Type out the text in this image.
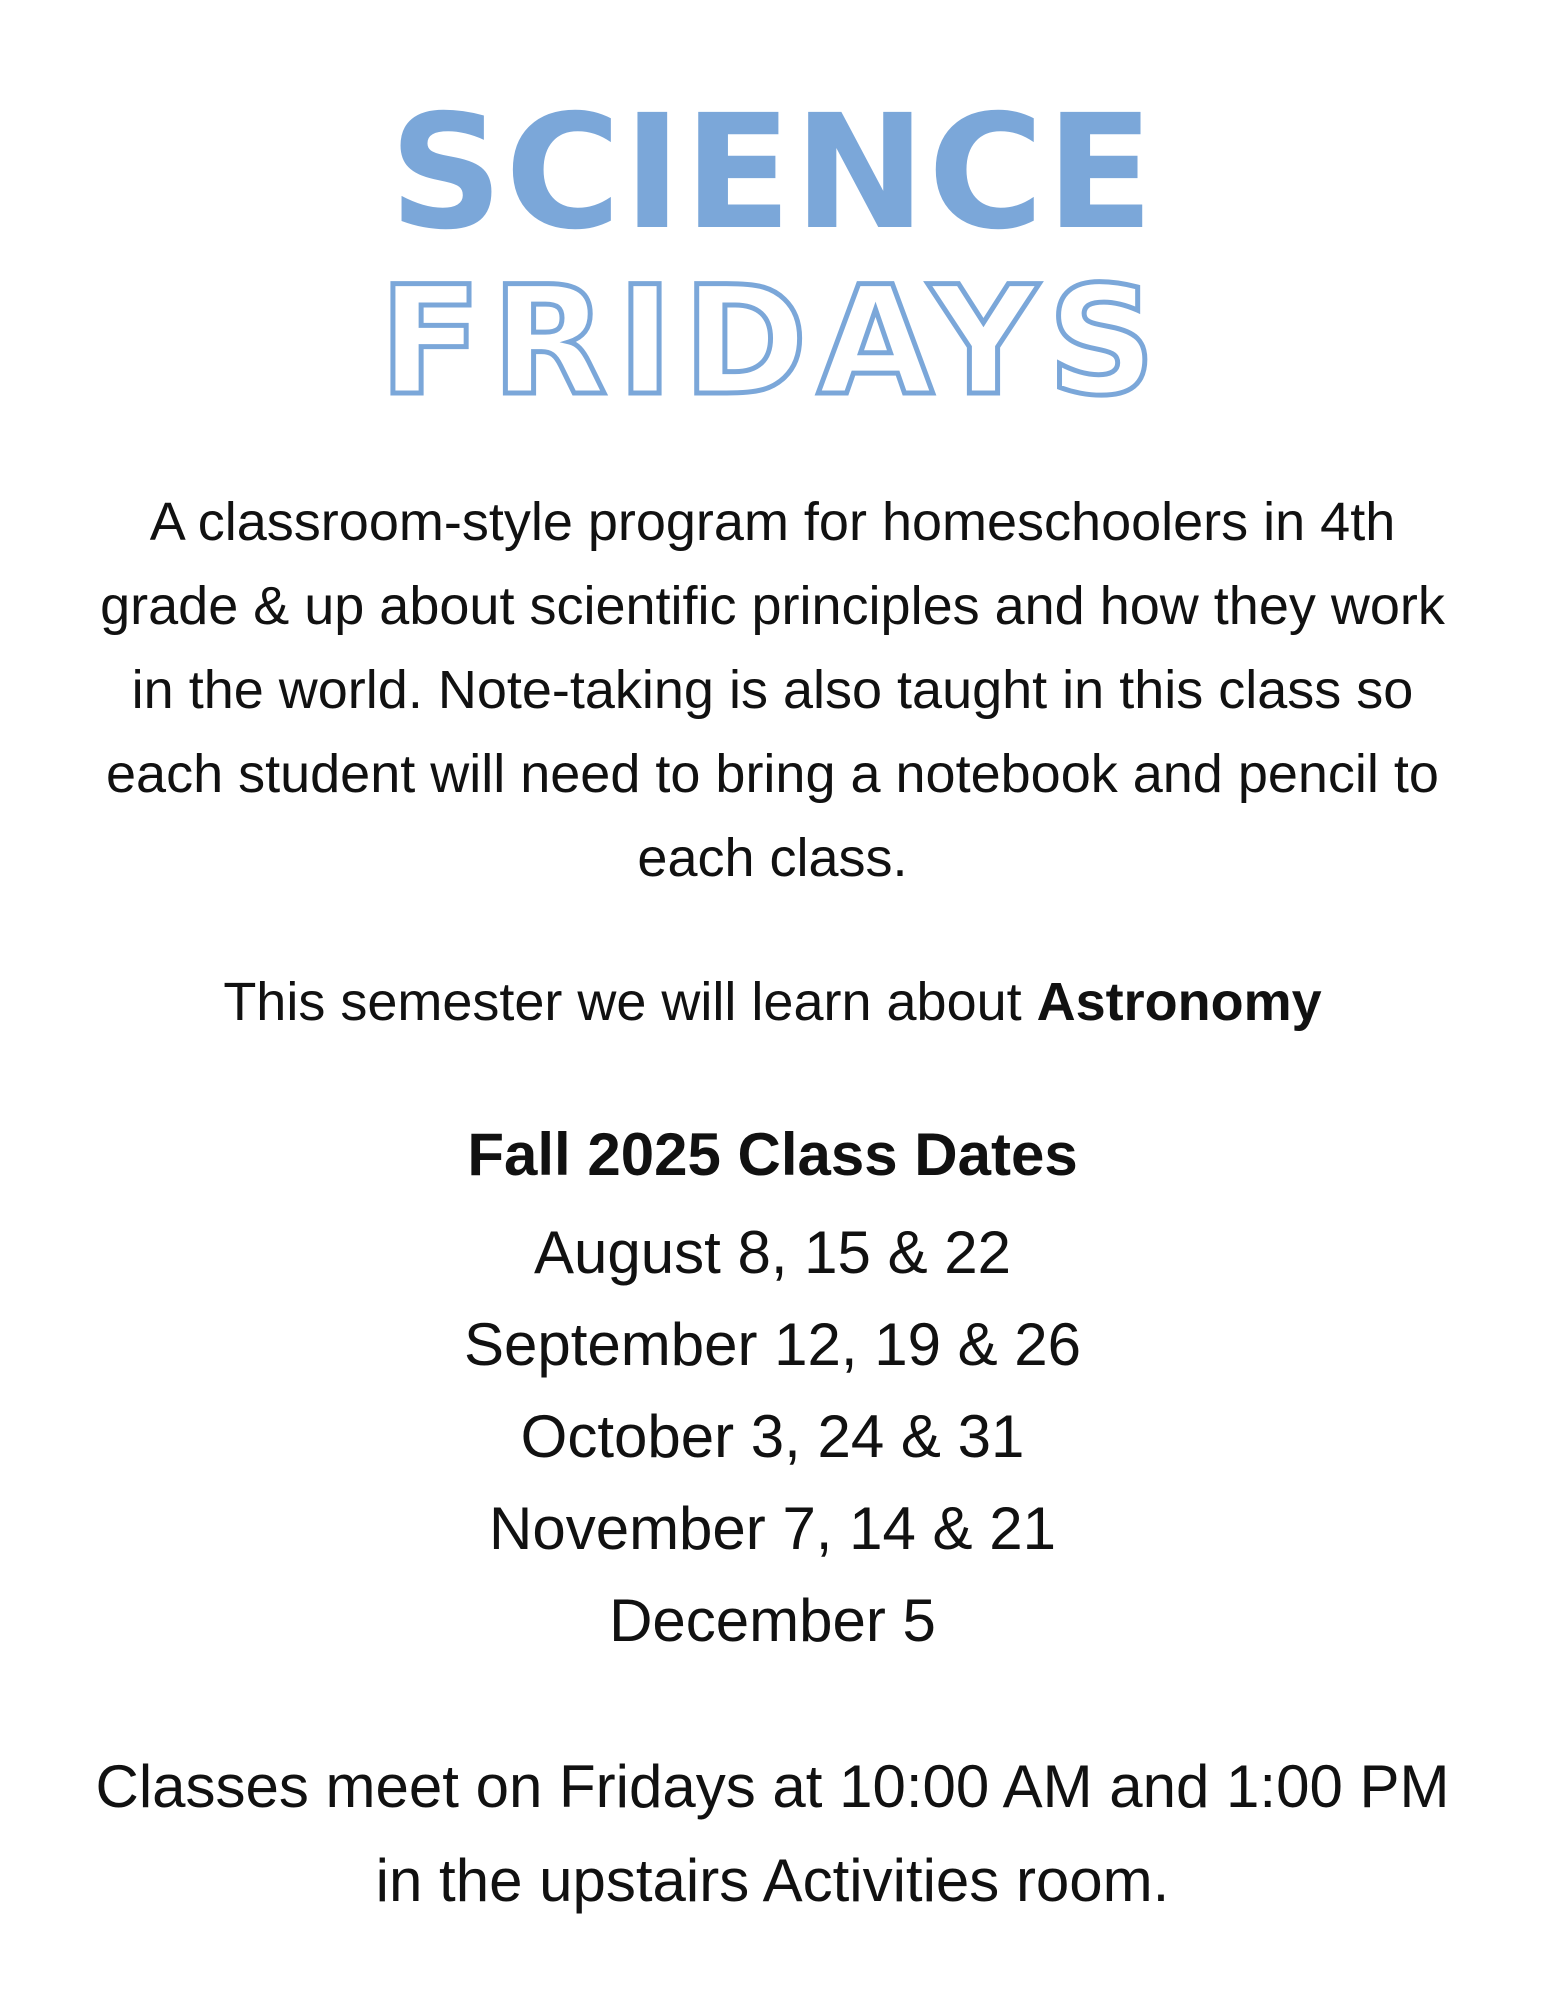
SCIENCE
FRIDAYS

A classroom-style program for homeschoolers in 4th grade & up about scientific principles and how they work in the world. Note-taking is also taught in this class so each student will need to bring a notebook and pencil to each class.

This semester we will learn about Astronomy

Fall 2025 Class Dates
August 8, 15 & 22
September 12, 19 & 26
October 3, 24 & 31
November 7, 14 & 21
December 5

Classes meet on Fridays at 10:00 AM and 1:00 PM in the upstairs Activities room.
